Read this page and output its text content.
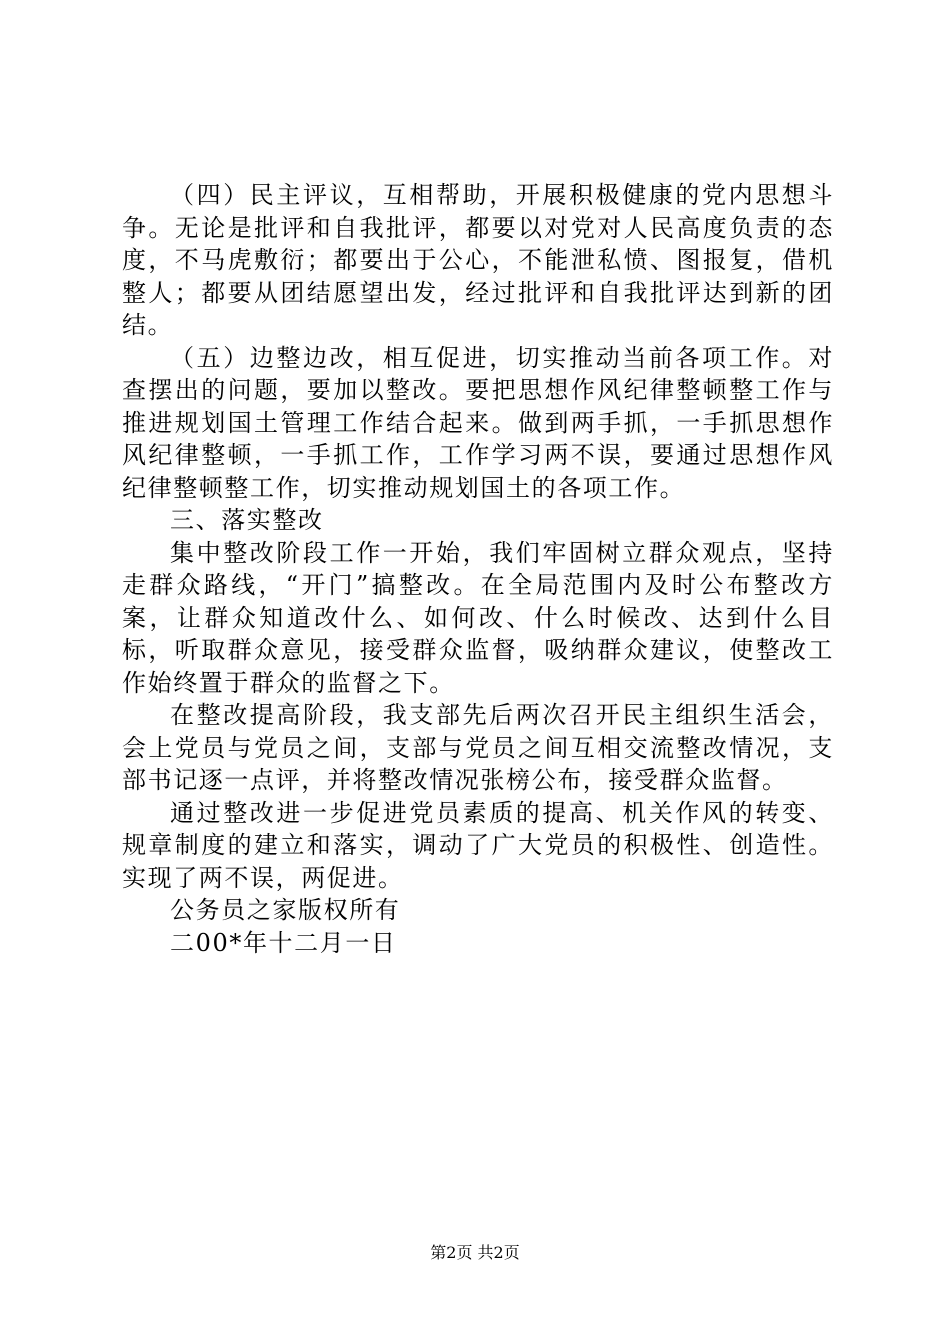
（四）民主评议，互相帮助，开展积极健康的党内思想斗争。无论是批评和自我批评，都要以对党对人民高度负责的态度，不马虎敷衍；都要出于公心，不能泄私愤、图报复，借机整人；都要从团结愿望出发，经过批评和自我批评达到新的团结。

（五）边整边改，相互促进，切实推动当前各项工作。对查摆出的问题，要加以整改。要把思想作风纪律整顿整工作与推进规划国土管理工作结合起来。做到两手抓，一手抓思想作风纪律整顿，一手抓工作，工作学习两不误，要通过思想作风纪律整顿整工作，切实推动规划国土的各项工作。

三、落实整改

集中整改阶段工作一开始，我们牢固树立群众观点，坚持走群众路线，“开门”搞整改。在全局范围内及时公布整改方案，让群众知道改什么、如何改、什么时候改、达到什么目标，听取群众意见，接受群众监督，吸纳群众建议，使整改工作始终置于群众的监督之下。

在整改提高阶段，我支部先后两次召开民主组织生活会，会上党员与党员之间，支部与党员之间互相交流整改情况，支部书记逐一点评，并将整改情况张榜公布，接受群众监督。

通过整改进一步促进党员素质的提高、机关作风的转变、规章制度的建立和落实，调动了广大党员的积极性、创造性。实现了两不误，两促进。

公务员之家版权所有

二00*年十二月一日

第2页 共2页
